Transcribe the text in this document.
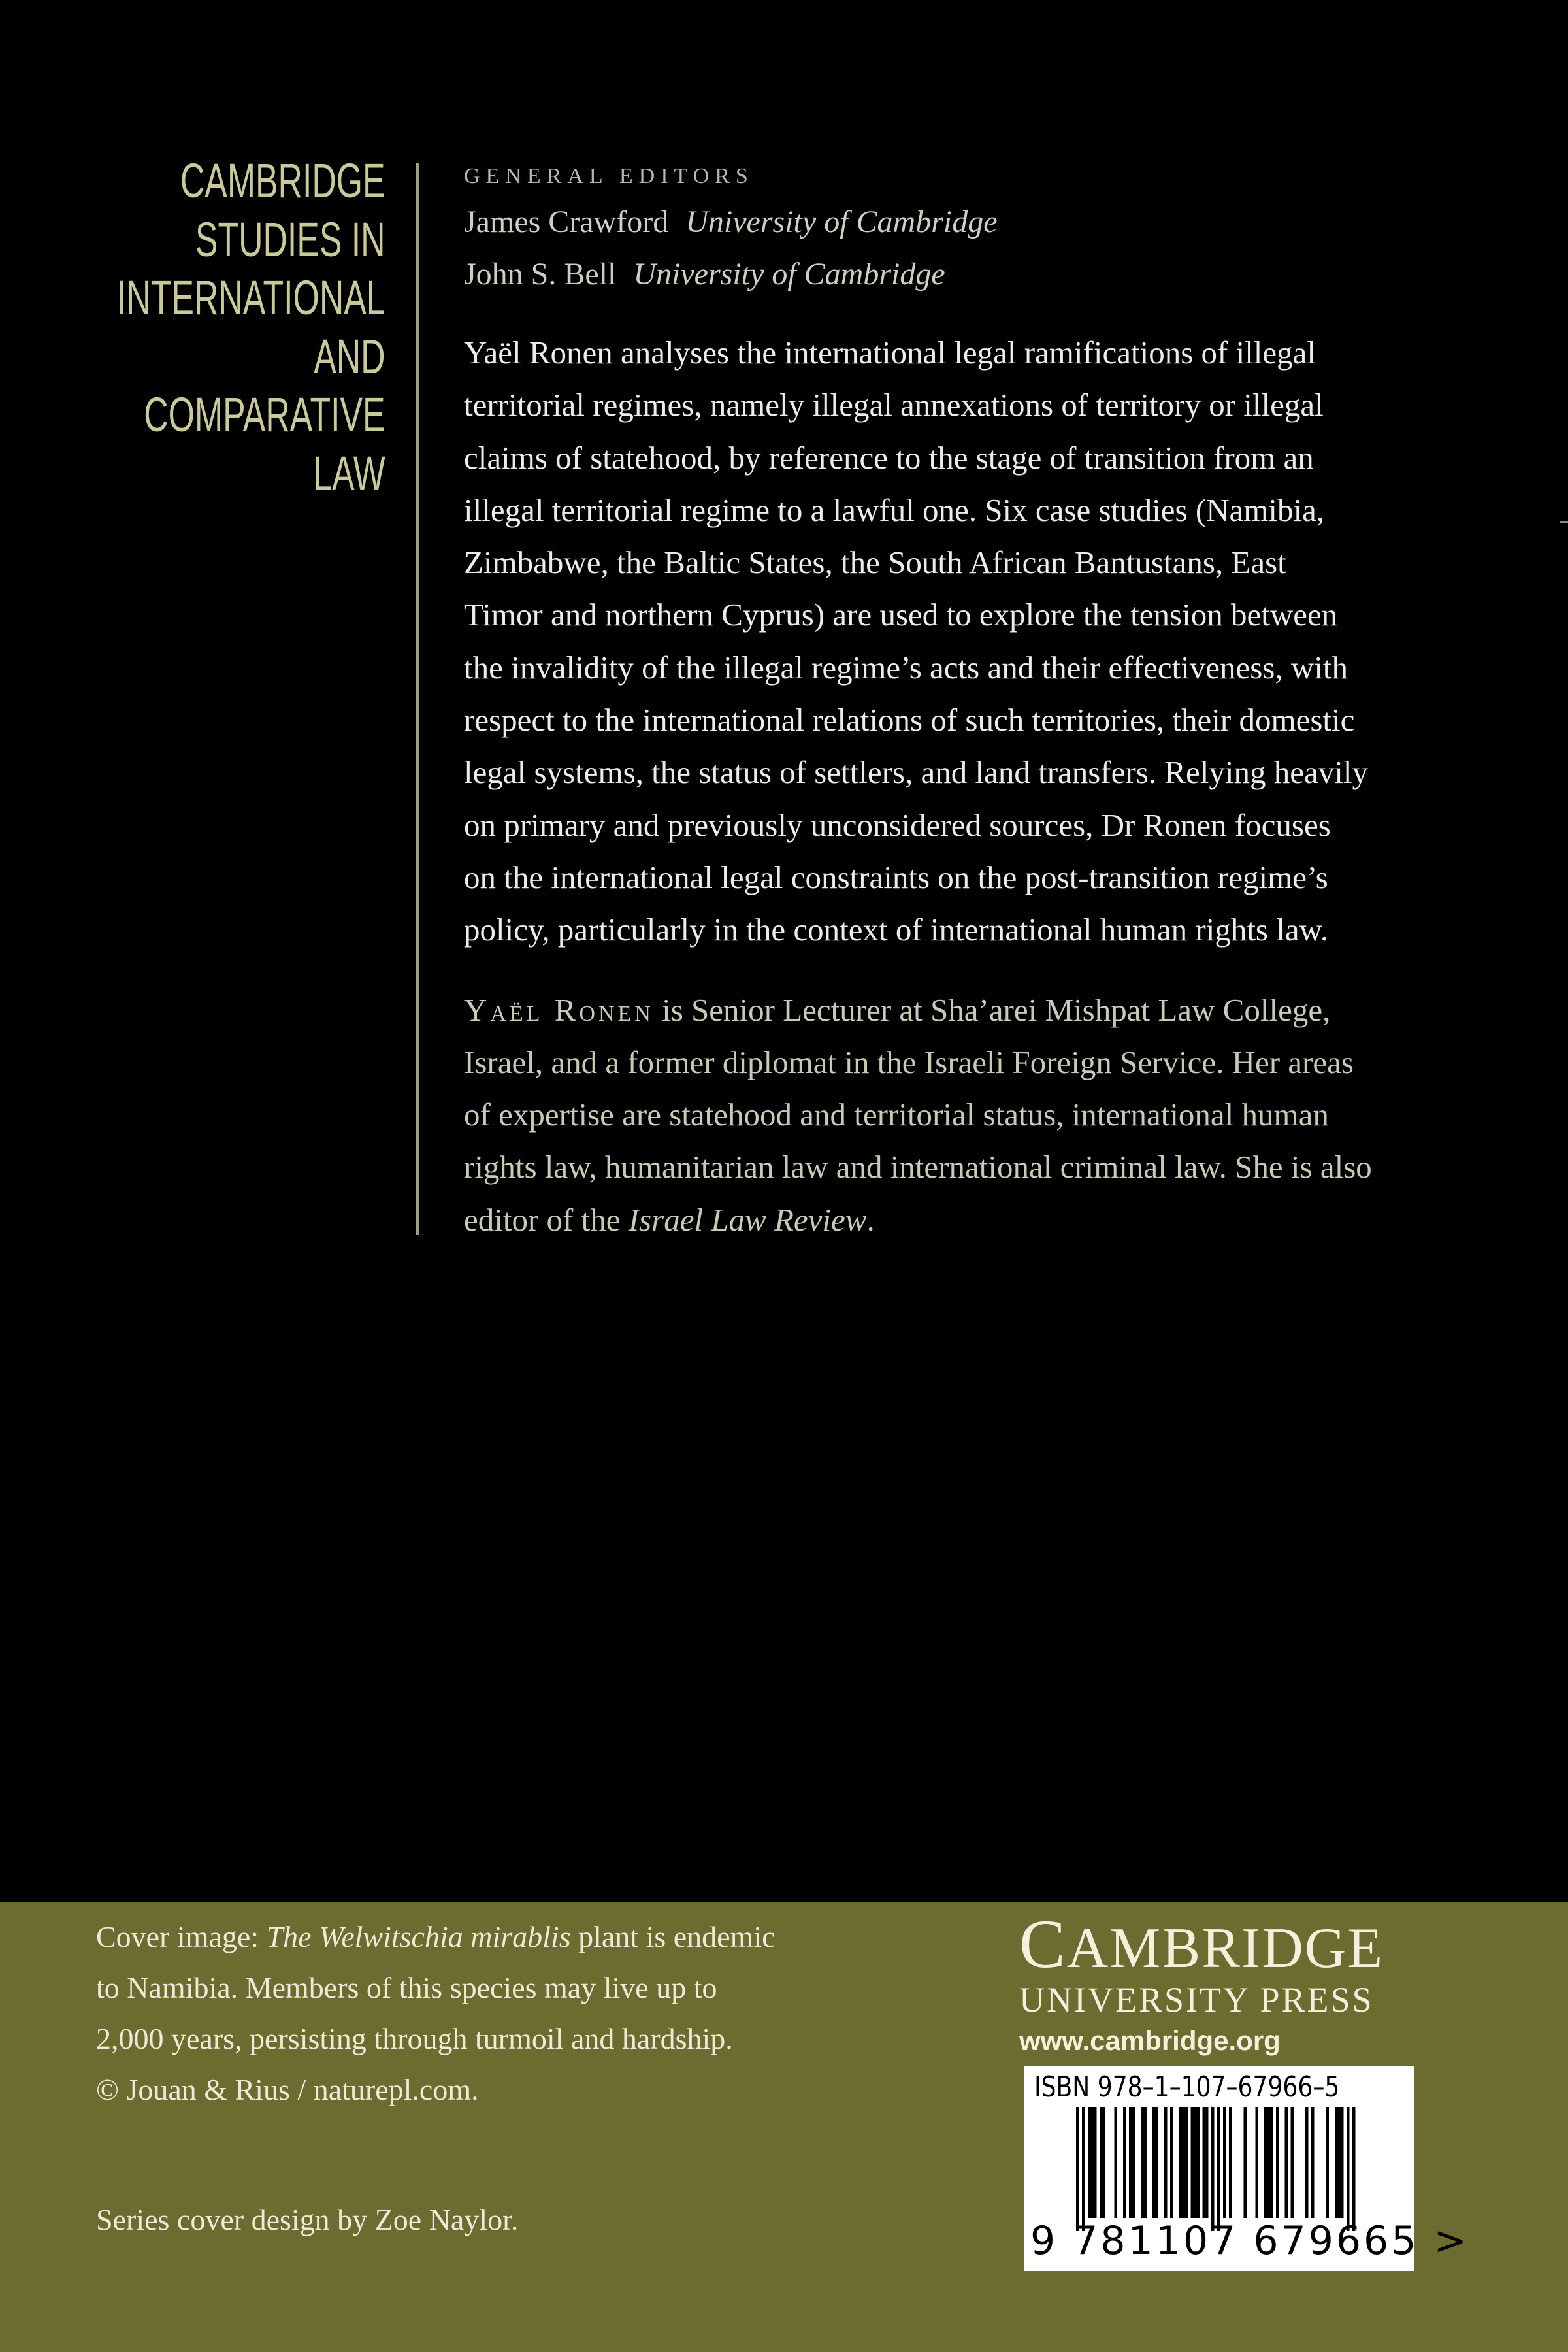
CAMBRIDGE
STUDIES IN
INTERNATIONAL
AND
COMPARATIVE
LAW
GENERAL EDITORS
James Crawford University of Cambridge
John S. Bell University of Cambridge
Yaël Ronen analyses the international legal ramifications of illegal
territorial regimes, namely illegal annexations of territory or illegal
claims of statehood, by reference to the stage of transition from an
illegal territorial regime to a lawful one. Six case studies (Namibia,
Zimbabwe, the Baltic States, the South African Bantustans, East
Timor and northern Cyprus) are used to explore the tension between
the invalidity of the illegal regime’s acts and their effectiveness, with
respect to the international relations of such territories, their domestic
legal systems, the status of settlers, and land transfers. Relying heavily
on primary and previously unconsidered sources, Dr Ronen focuses
on the international legal constraints on the post-transition regime’s
policy, particularly in the context of international human rights law.
Yaël Ronen is Senior Lecturer at Sha’arei Mishpat Law College,
Israel, and a former diplomat in the Israeli Foreign Service. Her areas
of expertise are statehood and territorial status, international human
rights law, humanitarian law and international criminal law. She is also
editor of the Israel Law Review.
Cover image: The Welwitschia mirablis plant is endemic
to Namibia. Members of this species may live up to
2,000 years, persisting through turmoil and hardship.
© Jouan & Rius / naturepl.com.
Series cover design by Zoe Naylor.
CAMBRIDGE
UNIVERSITY PRESS
www.cambridge.org
ISBN 978–1–107–67966–5
9 781107 679665 >
